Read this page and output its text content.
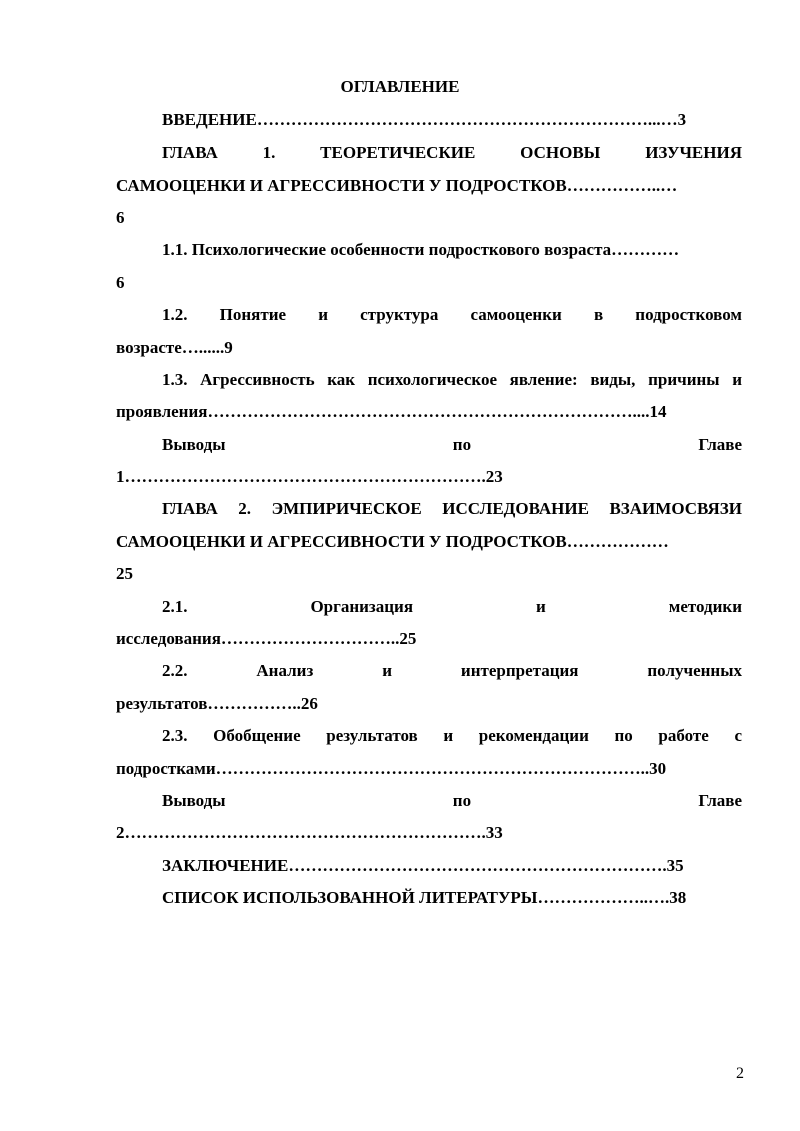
ОГЛАВЛЕНИЕ
ВВЕДЕНИЕ……………………………………………………………...…3
ГЛАВА 1. ТЕОРЕТИЧЕСКИЕ ОСНОВЫ ИЗУЧЕНИЯ
САМООЦЕНКИ И АГРЕССИВНОСТИ У ПОДРОСТКОВ……………..…
6
1.1. Психологические особенности подросткового возраста…………
6
1.2. Понятие и структура самооценки в подростковом
возрасте…......9
1.3. Агрессивность как психологическое явление: виды, причины и
проявления…………………………………………………………………....14
Выводы по Главе
1……………………………………………………….23
ГЛАВА 2. ЭМПИРИЧЕСКОЕ ИССЛЕДОВАНИЕ ВЗАИМОСВЯЗИ
САМООЦЕНКИ И АГРЕССИВНОСТИ У ПОДРОСТКОВ………………
25
2.1. Организация и методики
исследования…………………………..25
2.2. Анализ и интерпретация полученных
результатов……………..26
2.3. Обобщение результатов и рекомендации по работе с
подростками…………………………………………………………………..30
Выводы по Главе
2……………………………………………………….33
ЗАКЛЮЧЕНИЕ………………………………………………………….35
СПИСОК ИСПОЛЬЗОВАННОЙ ЛИТЕРАТУРЫ………………..….38
2
